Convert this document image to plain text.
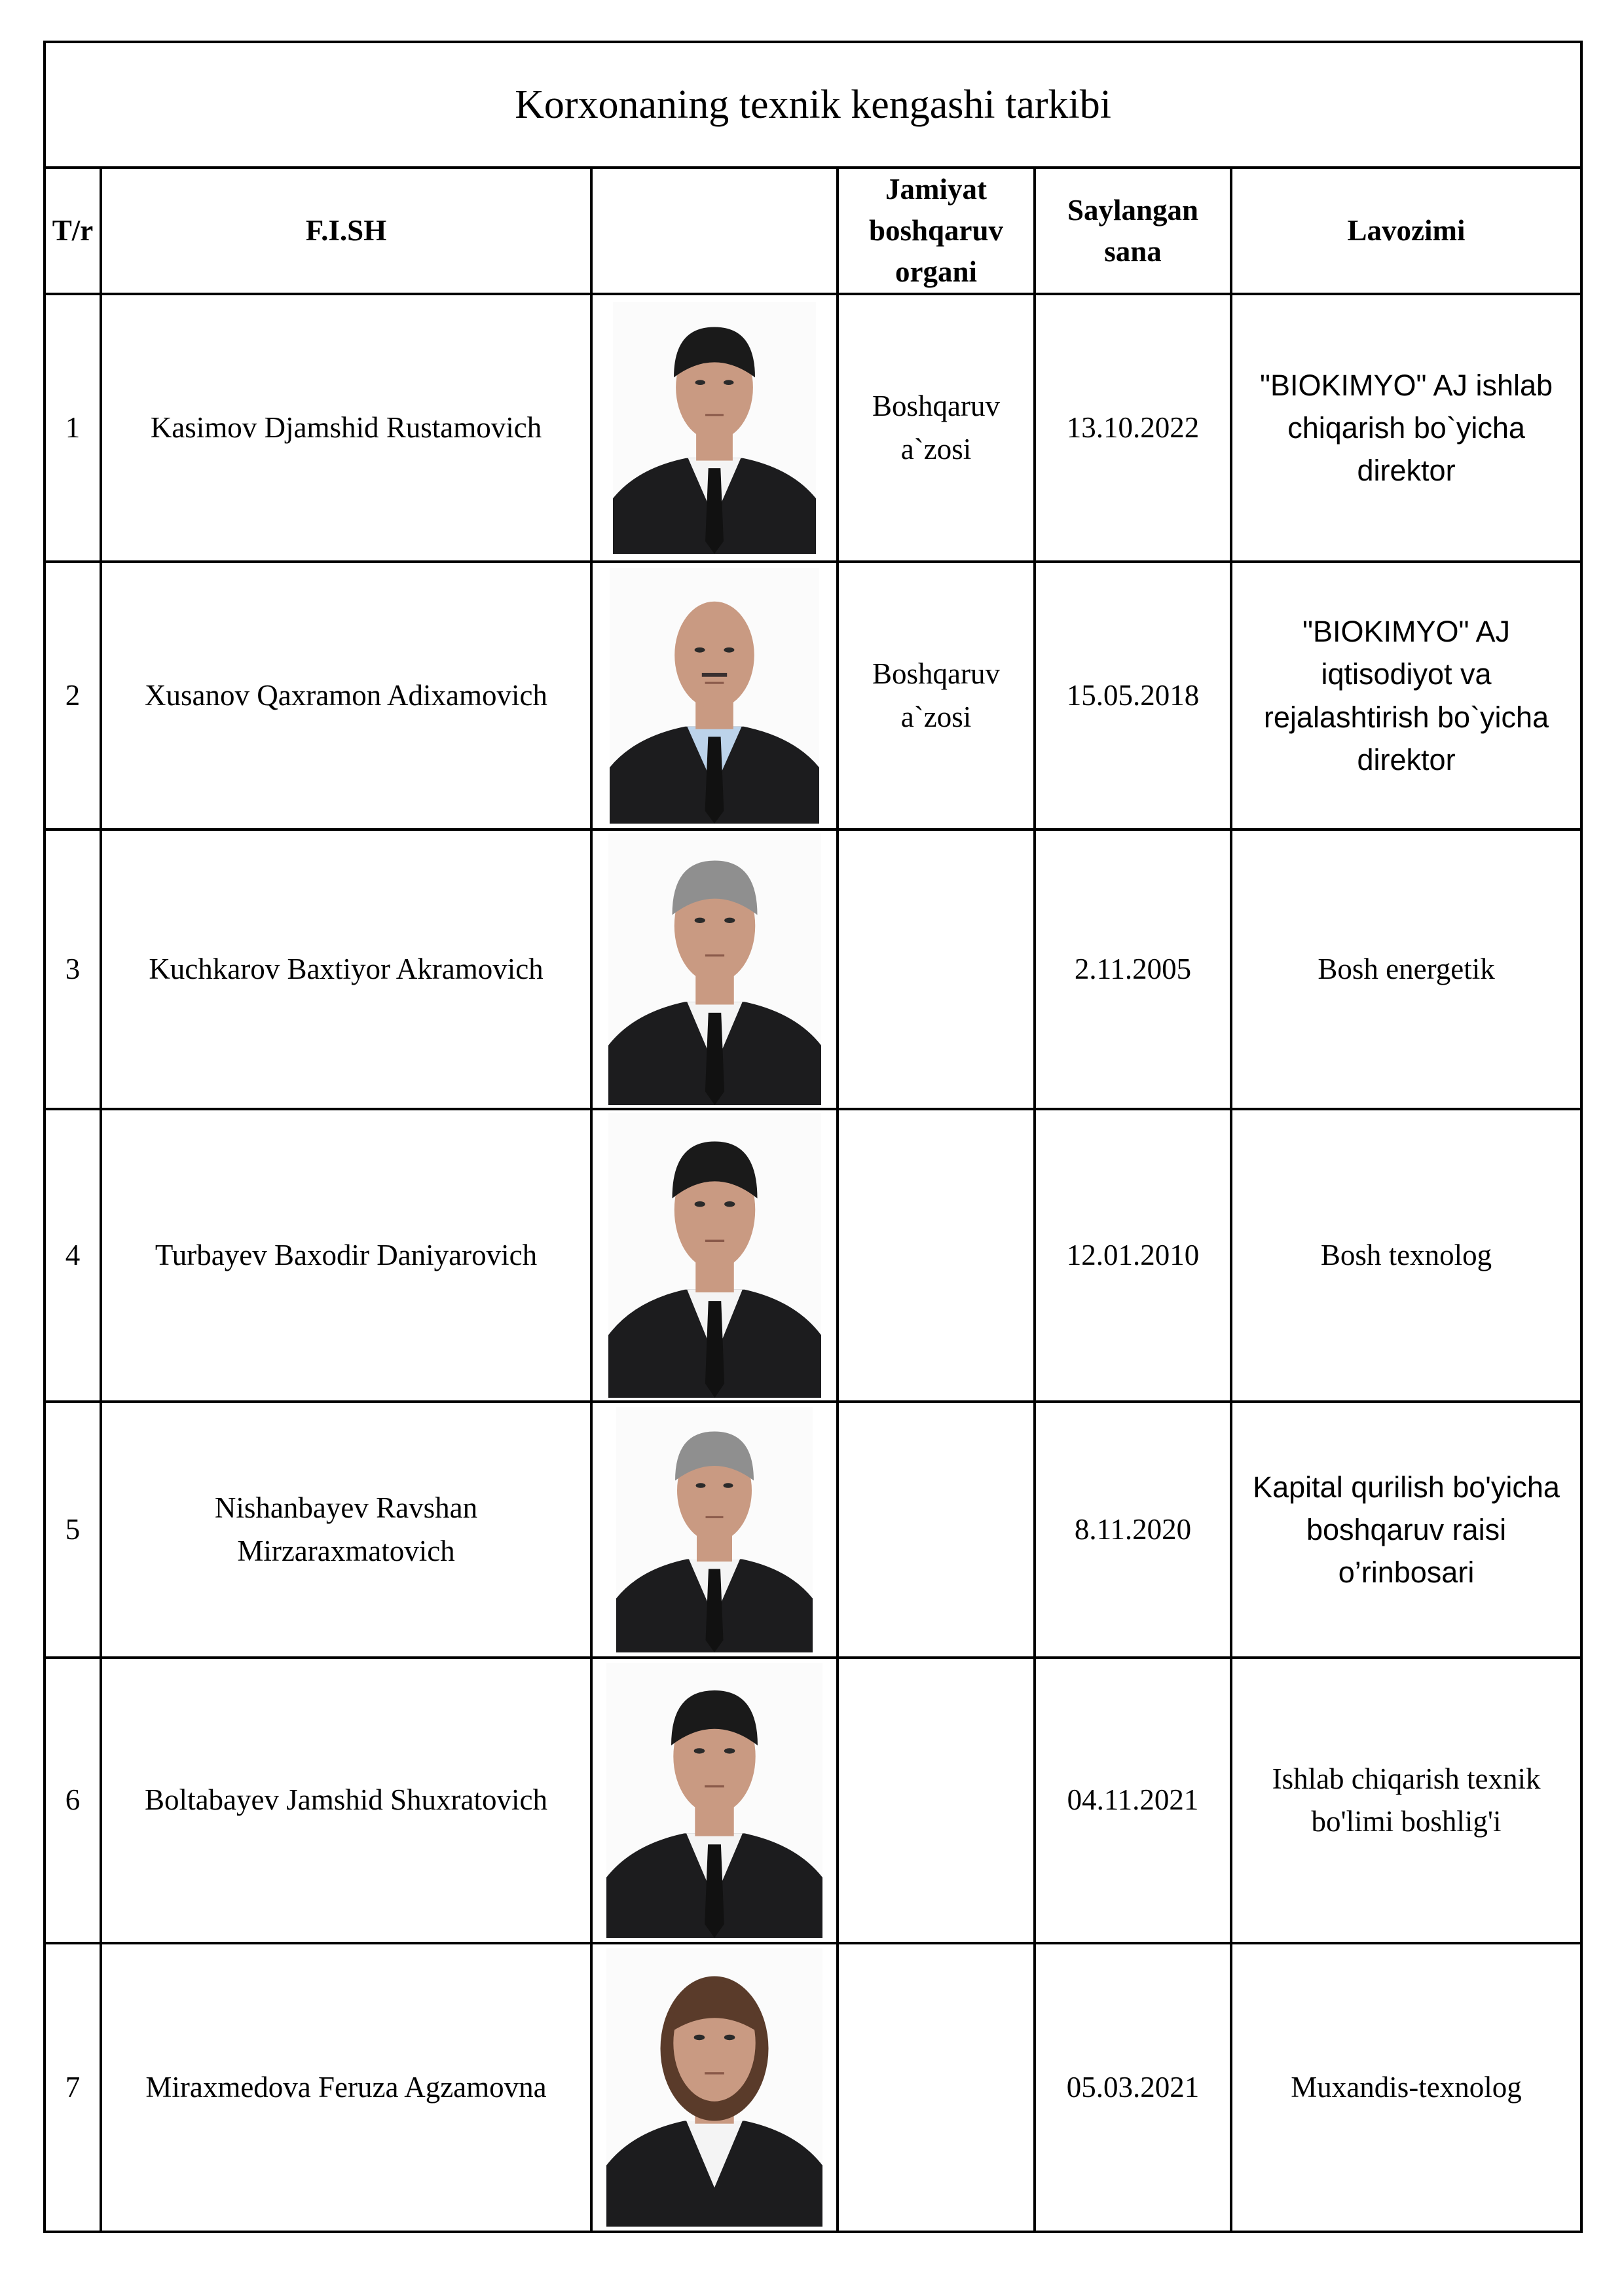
Korxonaning texnik kengashi tarkibi					
T/r	F.I.SH		Jamiyat boshqaruv organi	Saylangan sana	Lavozimi
1	Kasimov Djamshid Rustamovich		Boshqaruv a`zosi	13.10.2022	"BIOKIMYO" AJ ishlab chiqarish bo`yicha direktor
2	Xusanov Qaxramon Adixamovich		Boshqaruv a`zosi	15.05.2018	"BIOKIMYO" AJ iqtisodiyot va rejalashtirish bo`yicha direktor
3	Kuchkarov Baxtiyor Akramovich			2.11.2005	Bosh energetik
4	Turbayev Baxodir Daniyarovich			12.01.2010	Bosh texnolog
5	Nishanbayev Ravshan Mirzaraxmatovich			8.11.2020	Kapital qurilish bo'yicha boshqaruv raisi o’rinbosari
6	Boltabayev Jamshid Shuxratovich			04.11.2021	Ishlab chiqarish texnik bo'limi boshlig'i
7	Miraxmedova Feruza Agzamovna			05.03.2021	Muxandis-texnolog
